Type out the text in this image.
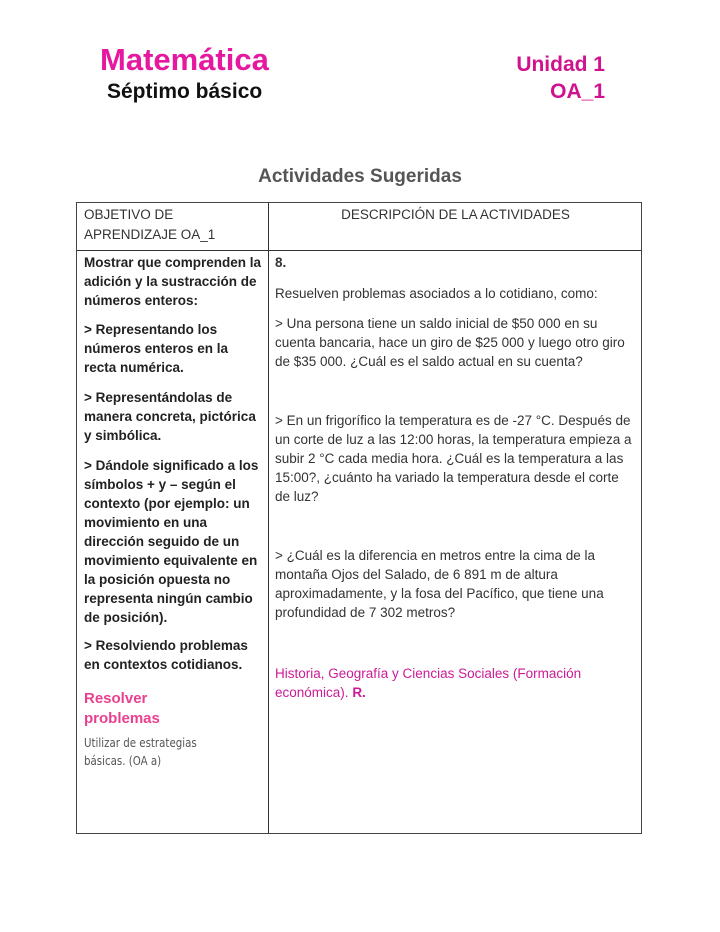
Matemática
Séptimo básico
Unidad 1
OA_1
Actividades Sugeridas
OBJETIVO DE APRENDIZAJE OA_1
DESCRIPCIÓN DE LA ACTIVIDADES
Mostrar que comprenden la adición y la sustracción de números enteros:
> Representando los números enteros en la recta numérica.
> Representándolas de manera concreta, pictórica y simbólica.
> Dándole significado a los símbolos + y – según el contexto (por ejemplo: un movimiento en una dirección seguido de un movimiento equivalente en la posición opuesta no representa ningún cambio de posición).
> Resolviendo problemas en contextos cotidianos.
Resolver problemas
Utilizar de estrategias básicas. (OA a)
8.
Resuelven problemas asociados a lo cotidiano, como:
> Una persona tiene un saldo inicial de $50 000 en su cuenta bancaria, hace un giro de $25 000 y luego otro giro de $35 000. ¿Cuál es el saldo actual en su cuenta?
> En un frigorífico la temperatura es de -27 °C. Después de un corte de luz a las 12:00 horas, la temperatura empieza a subir 2 °C cada media hora. ¿Cuál es la temperatura a las 15:00?, ¿cuánto ha variado la temperatura desde el corte de luz?
> ¿Cuál es la diferencia en metros entre la cima de la montaña Ojos del Salado, de 6 891 m de altura aproximadamente, y la fosa del Pacífico, que tiene una profundidad de 7 302 metros?
Historia, Geografía y Ciencias Sociales (Formación económica). R.
